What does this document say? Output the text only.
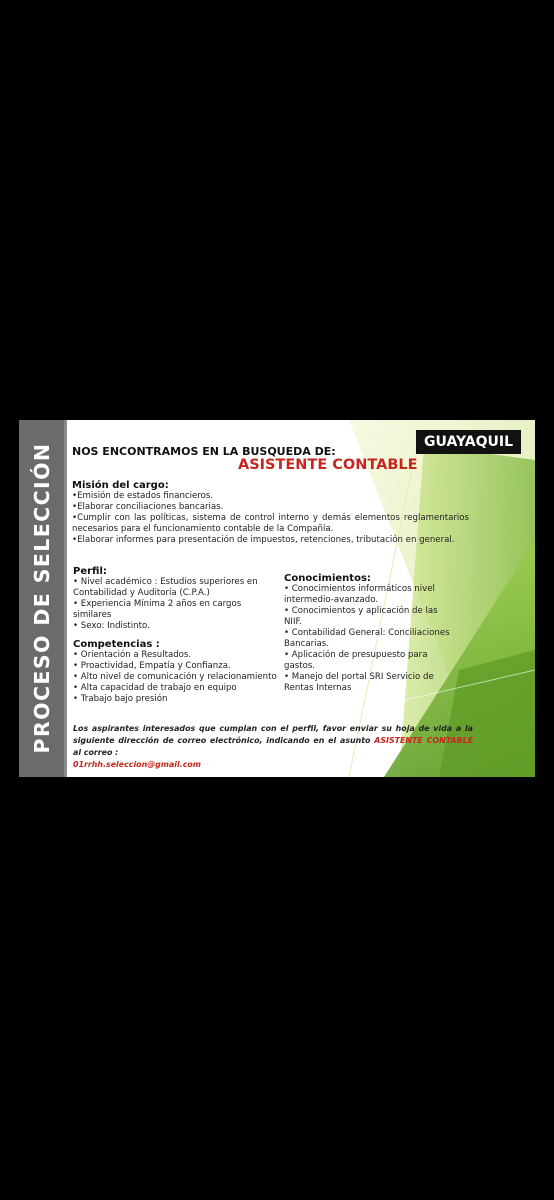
PROCESO DE SELECCIÓN
GUAYAQUIL
NOS ENCONTRAMOS EN LA BUSQUEDA DE:
ASISTENTE CONTABLE
Misión del cargo:
•Emisión de estados financieros.
•Elaborar conciliaciones bancarias.
•Cumplir con las políticas, sistema de control interno y demás elementos reglamentarios necesarios para el funcionamiento contable de la Compañía.
•Elaborar informes para presentación de impuestos, retenciones, tributación en general.
Perfil:
• Nivel académico : Estudios superiores en Contabilidad y Auditoría (C.P.A.)
• Experiencia Mínima 2 años en cargos similares
• Sexo: Indistinto.
Competencias :
• Orientación a Resultados.
• Proactividad, Empatía y Confianza.
• Alto nivel de comunicación y relacionamiento
• Alta capacidad de trabajo en equipo
• Trabajo bajo presión
Conocimientos:
• Conocimientos informáticos nivel intermedio-avanzado.
• Conocimientos y aplicación de las NIIF.
• Contabilidad General: Conciliaciones Bancarias.
• Aplicación de presupuesto para gastos.
• Manejo del portal SRI Servicio de Rentas Internas
Los aspirantes interesados que cumplan con el perfil, favor enviar su hoja de vida a la siguiente dirección de correo electrónico, indicando en el asunto ASISTENTE CONTABLE al correo :
01rrhh.seleccion@gmail.com
